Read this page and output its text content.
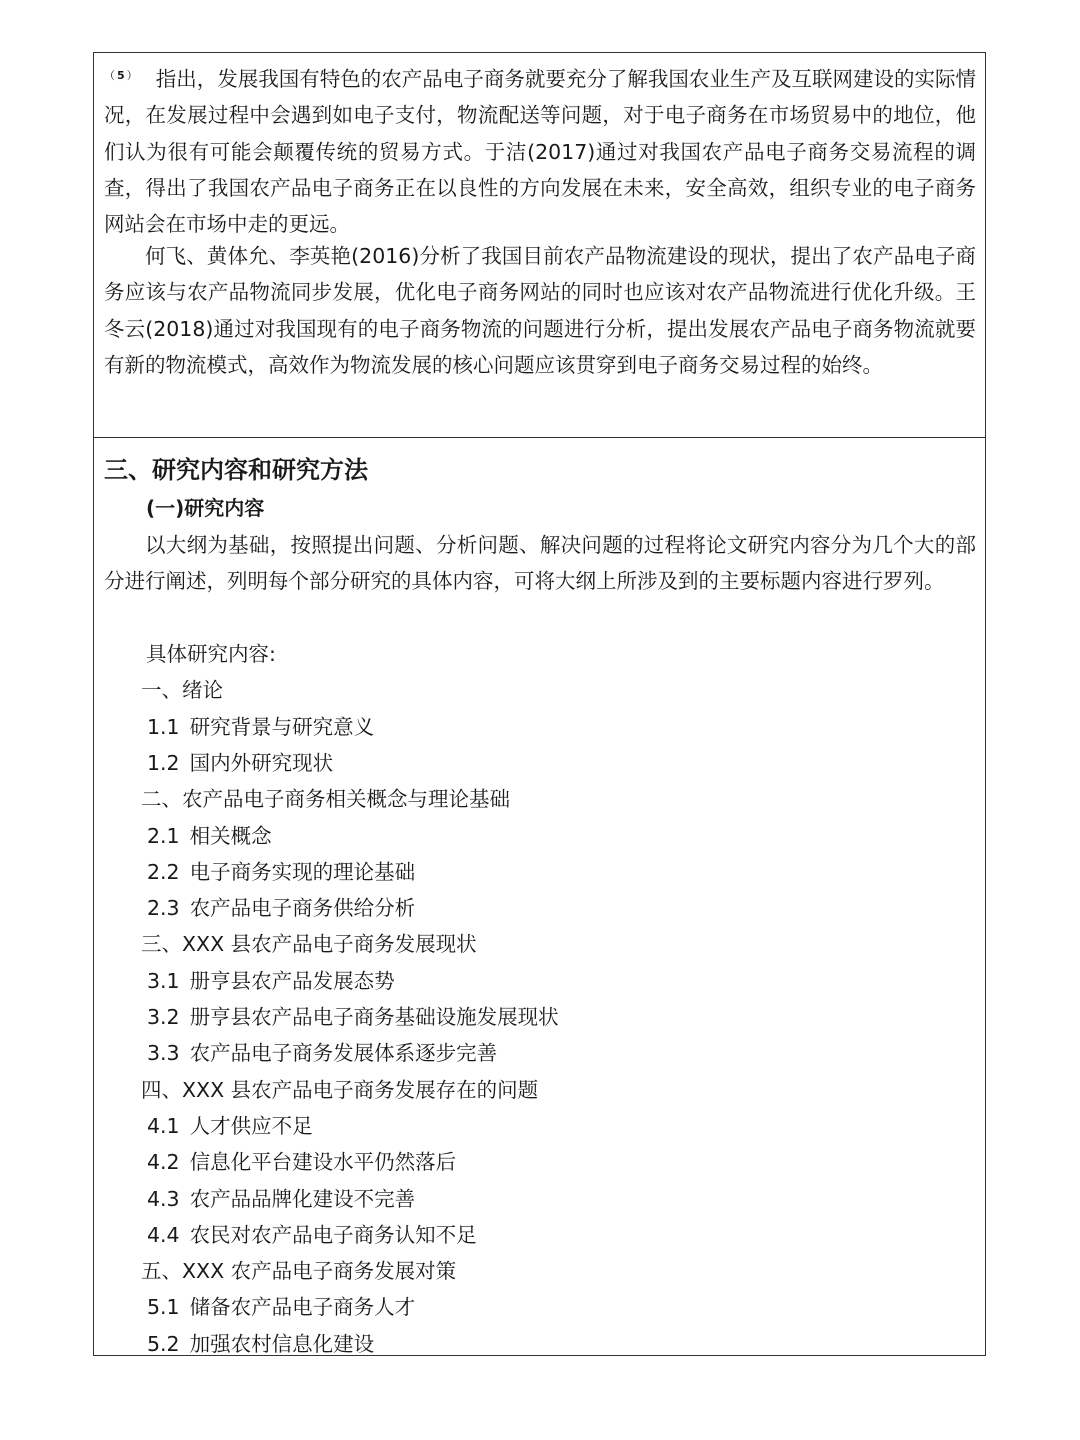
$^{(5)}$ 指出，发展我国有特色的农产品电子商务就要充分了解我国农业生产及互联网建设的实际情况，在发展过程中会遇到如电子支付，物流配送等问题，对于电子商务在市场贸易中的地位，他们认为很有可能会颠覆传统的贸易方式。于洁(2017)通过对我国农产品电子商务交易流程的调查，得出了我国农产品电子商务正在以良性的方向发展在未来，安全高效，组织专业的电子商务网站会在市场中走的更远。

何飞、黄体允、李英艳(2016)分析了我国目前农产品物流建设的现状，提出了农产品电子商务应该与农产品物流同步发展，优化电子商务网站的同时也应该对农产品物流进行优化升级。王冬云(2018)通过对我国现有的电子商务物流的问题进行分析，提出发展农产品电子商务物流就要有新的物流模式，高效作为物流发展的核心问题应该贯穿到电子商务交易过程的始终。

三、研究内容和研究方法
(一)研究内容

以大纲为基础，按照提出问题、分析问题、解决问题的过程将论文研究内容分为几个大的部分进行阐述，列明每个部分研究的具体内容，可将大纲上所涉及到的主要标题内容进行罗列。

具体研究内容:
一、绪论
1.1 研究背景与研究意义
1.2 国内外研究现状
二、农产品电子商务相关概念与理论基础
2.1 相关概念
2.2 电子商务实现的理论基础
2.3 农产品电子商务供给分析
三、XXX 县农产品电子商务发展现状
3.1 册亨县农产品发展态势
3.2 册亨县农产品电子商务基础设施发展现状
3.3 农产品电子商务发展体系逐步完善
四、XXX 县农产品电子商务发展存在的问题
4.1 人才供应不足
4.2 信息化平台建设水平仍然落后
4.3 农产品品牌化建设不完善
4.4 农民对农产品电子商务认知不足
五、XXX 农产品电子商务发展对策
5.1 储备农产品电子商务人才
5.2 加强农村信息化建设
